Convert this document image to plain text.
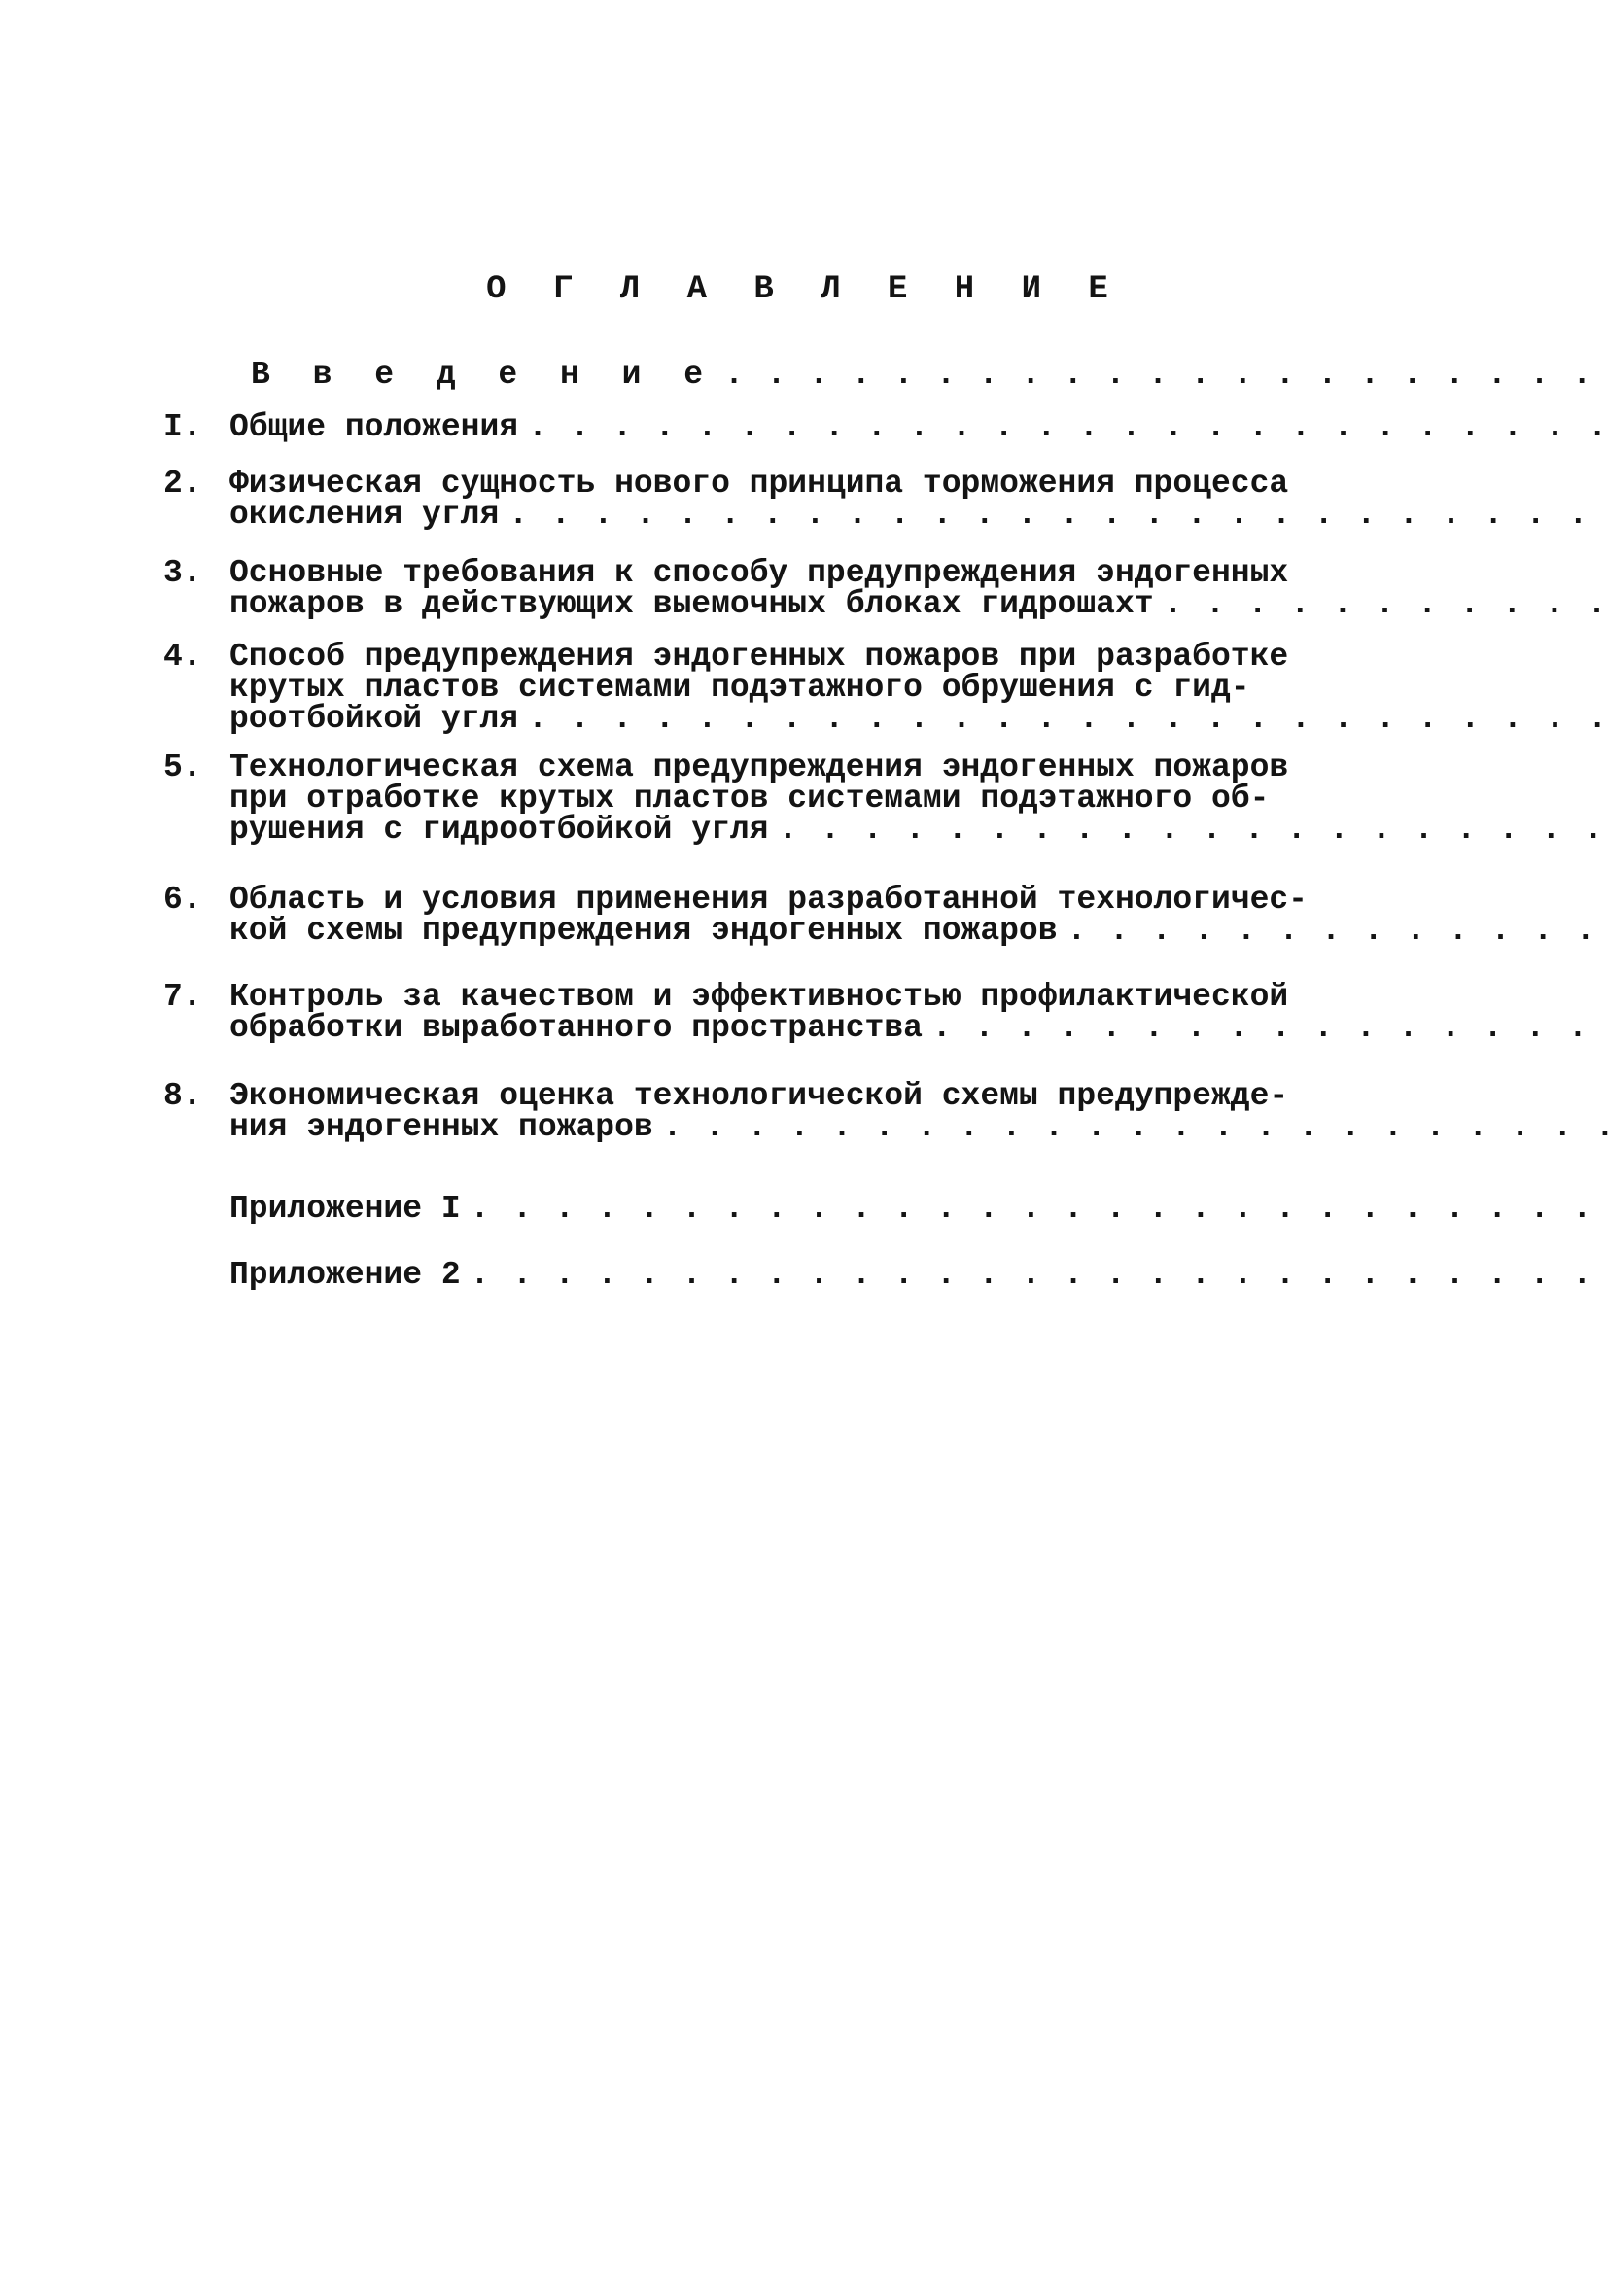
О Г Л А В Л Е Н И Е
В в е д е н и е
. . .
I. Общие положения
. . .
2. Физическая сущность нового принципа торможения процесса
окисления угля
. . .
3. Основные требования к способу предупреждения эндогенных
пожаров в действующих выемочных блоках гидрошахт
. . .
4. Способ предупреждения эндогенных пожаров при разработке
крутых пластов системами подэтажного обрушения с гид-
роотбойкой угля
. . .
5. Технологическая схема предупреждения эндогенных пожаров
при отработке крутых пластов системами подэтажного об-
рушения с гидроотбойкой угля
. . .
6. Область и условия применения разработанной технологичес-
кой схемы предупреждения эндогенных пожаров
. . .
7. Контроль за качеством и эффективностью профилактической
обработки выработанного пространства
. . .
8. Экономическая оценка технологической схемы предупрежде-
ния эндогенных пожаров
. . .
Приложение I
. . .
Приложение 2
. . .
